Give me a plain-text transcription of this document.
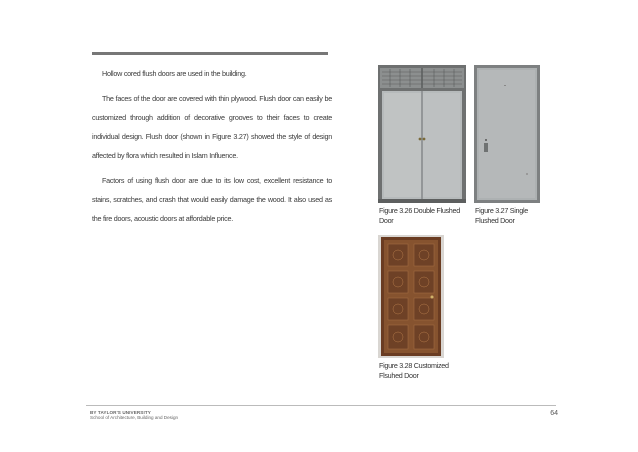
Hollow cored flush doors are used in the building.

The faces of the door are covered with thin plywood. Flush door can easily be customized through addition of decorative grooves to their faces to create individual design. Flush door (shown in Figure 3.27) showed the style of design affected by flora which resulted in Islam Influence.

Factors of using flush door are due to its low cost, excellent resistance to stains, scratches, and crash that would easily damage the wood. It also used as the fire doors, acoustic doors at affordable price.

Figure 3.26 Double Flushed Door
Figure 3.27 Single Flushed Door
Figure 3.28 Customized Flsuhed Door
64
BY TAYLOR'S UNIVERSITY
School of Architecture, Building and Design
